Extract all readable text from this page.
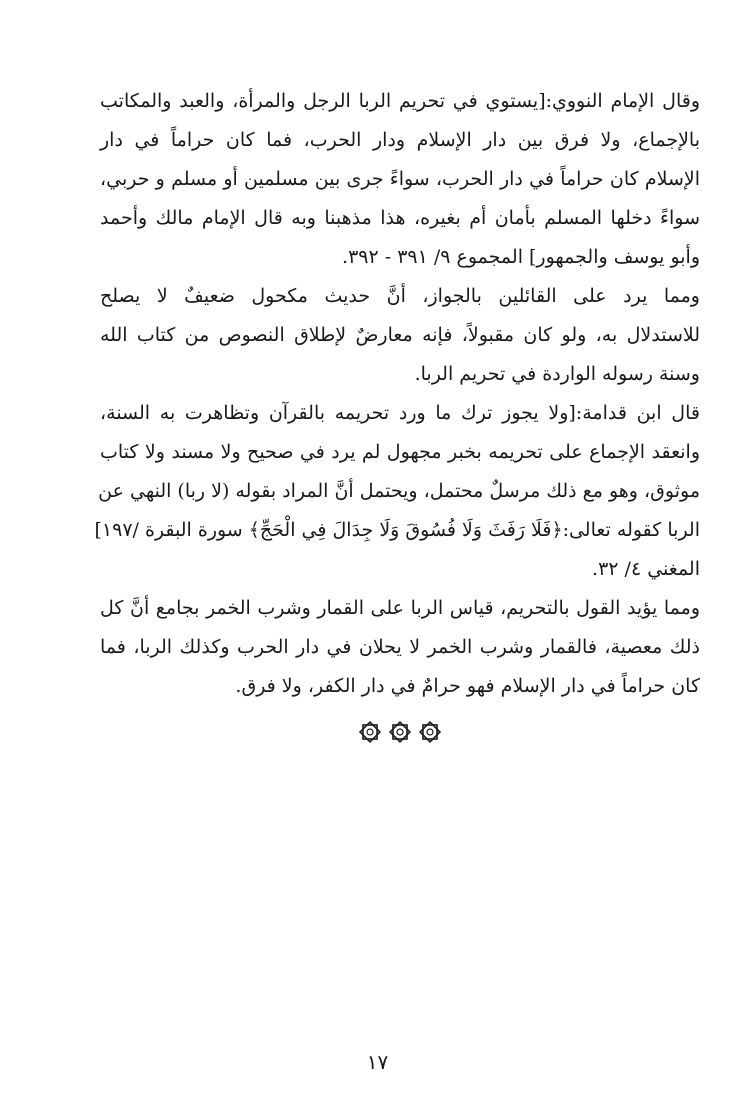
وقال الإمام النووي:[يستوي في تحريم الربا الرجل والمرأة، والعبد والمكاتب
بالإجماع، ولا فرق بين دار الإسلام ودار الحرب، فما كان حراماً في دار
الإسلام كان حراماً في دار الحرب، سواءً جرى بين مسلمين أو مسلم و حربي،
سواءً دخلها المسلم بأمان أم بغيره، هذا مذهبنا وبه قال الإمام مالك وأحمد
وأبو يوسف والجمهور] المجموع ٩/ ٣٩١ - ٣٩٢.
ومما يرد على القائلين بالجواز، أنَّ حديث مكحول ضعيفٌ لا يصلح
للاستدلال به، ولو كان مقبولاً، فإنه معارضٌ لإطلاق النصوص من كتاب الله
وسنة رسوله الواردة في تحريم الربا.
قال ابن قدامة:[ولا يجوز ترك ما ورد تحريمه بالقرآن وتظاهرت به السنة،
وانعقد الإجماع على تحريمه بخبر مجهول لم يرد في صحيح ولا مسند ولا كتاب
موثوق، وهو مع ذلك مرسلٌ محتمل، ويحتمل أنَّ المراد بقوله (لا ربا) النهي عن
الربا كقوله تعالى:﴿فَلَا رَفَثَ وَلَا فُسُوقَ وَلَا جِدَالَ فِي الْحَجِّ﴾ سورة البقرة /١٩٧]
المغني ٤/ ٣٢.
ومما يؤيد القول بالتحريم، قياس الربا على القمار وشرب الخمر بجامع أنَّ كل
ذلك معصية، فالقمار وشرب الخمر لا يحلان في دار الحرب وكذلك الربا، فما
كان حراماً في دار الإسلام فهو حرامٌ في دار الكفر، ولا فرق.
١٧
